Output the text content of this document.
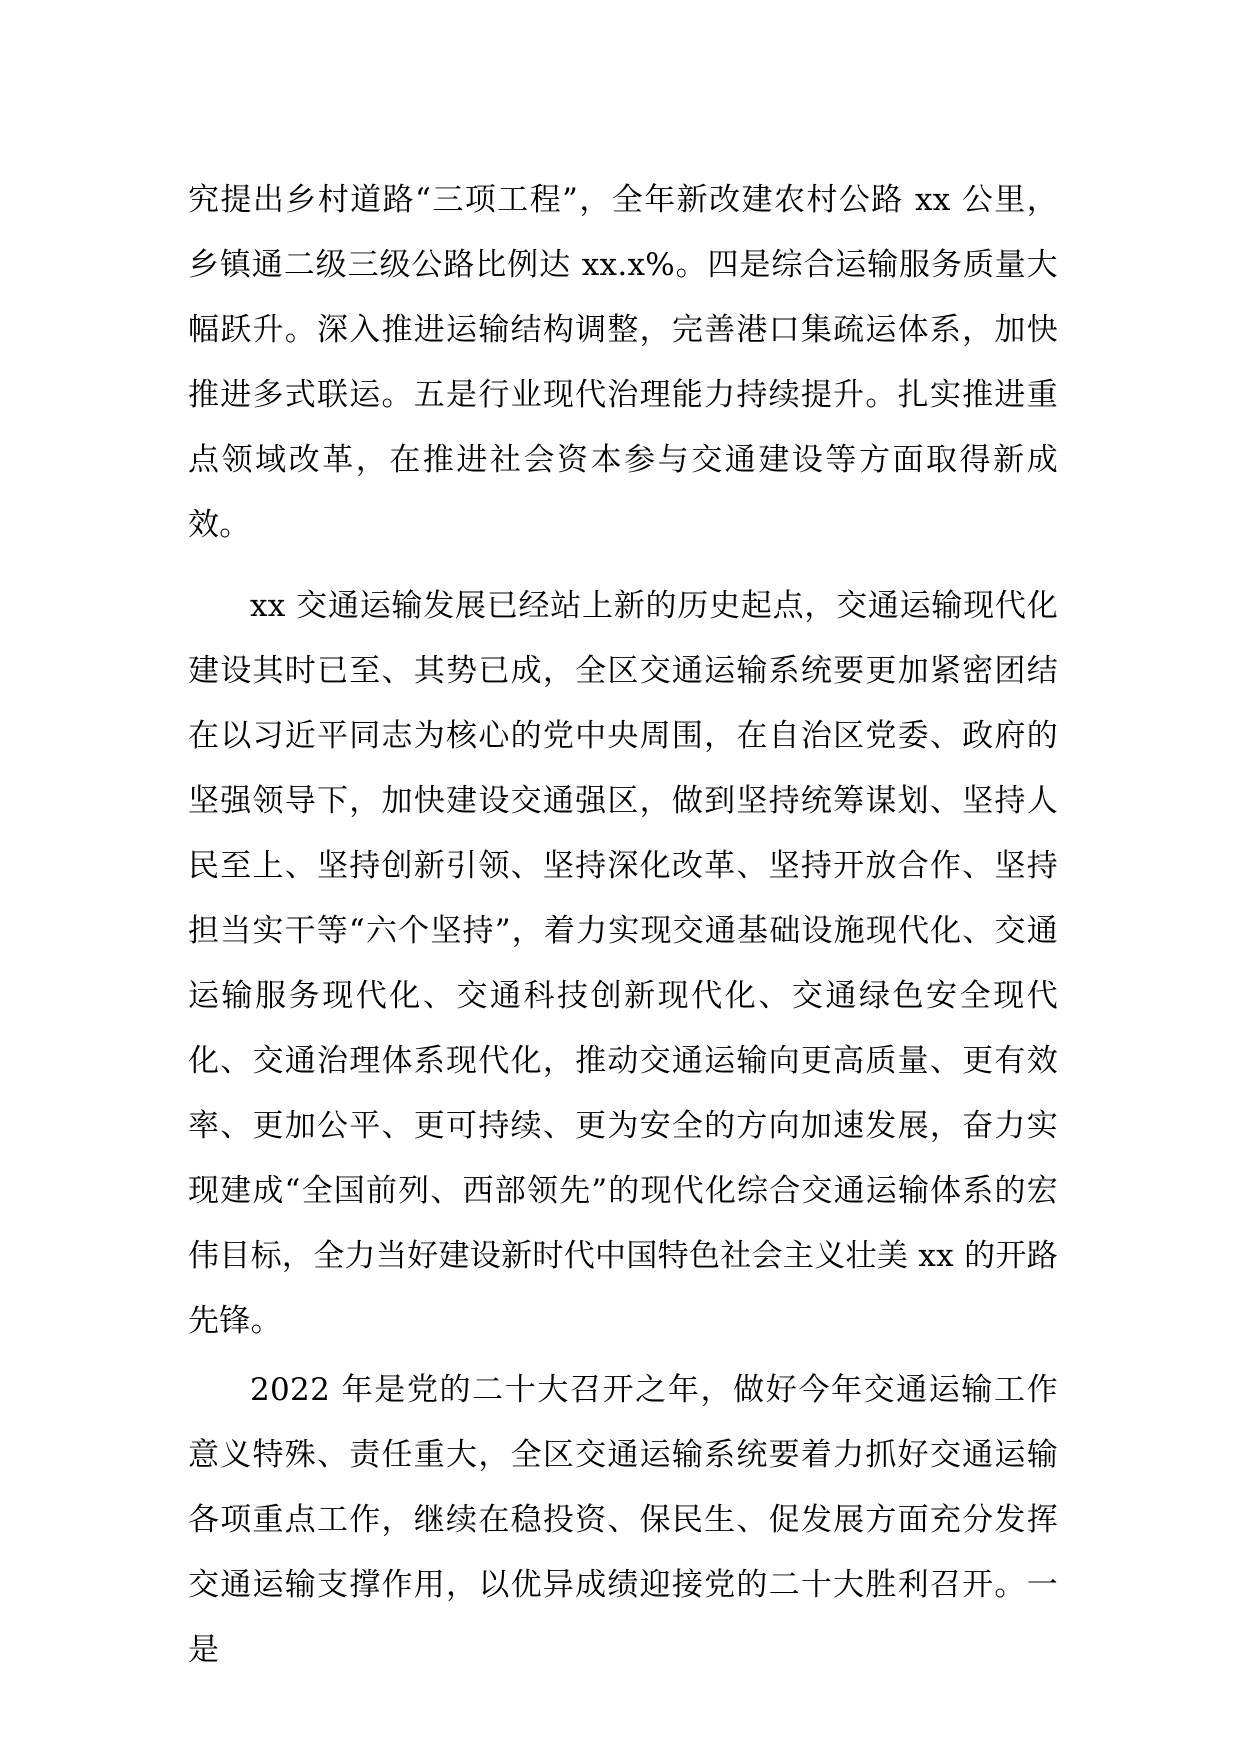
究提出乡村道路“三项工程”，全年新改建农村公路 xx 公里，乡镇通二级三级公路比例达 xx.x%。四是综合运输服务质量大幅跃升。深入推进运输结构调整，完善港口集疏运体系，加快推进多式联运。五是行业现代治理能力持续提升。扎实推进重点领域改革，在推进社会资本参与交通建设等方面取得新成效。

xx 交通运输发展已经站上新的历史起点，交通运输现代化建设其时已至、其势已成，全区交通运输系统要更加紧密团结在以习近平同志为核心的党中央周围，在自治区党委、政府的坚强领导下，加快建设交通强区，做到坚持统筹谋划、坚持人民至上、坚持创新引领、坚持深化改革、坚持开放合作、坚持担当实干等“六个坚持”，着力实现交通基础设施现代化、交通运输服务现代化、交通科技创新现代化、交通绿色安全现代化、交通治理体系现代化，推动交通运输向更高质量、更有效率、更加公平、更可持续、更为安全的方向加速发展，奋力实现建成“全国前列、西部领先”的现代化综合交通运输体系的宏伟目标，全力当好建设新时代中国特色社会主义壮美 xx 的开路先锋。

2022 年是党的二十大召开之年，做好今年交通运输工作意义特殊、责任重大，全区交通运输系统要着力抓好交通运输各项重点工作，继续在稳投资、保民生、促发展方面充分发挥交通运输支撑作用，以优异成绩迎接党的二十大胜利召开。一是
